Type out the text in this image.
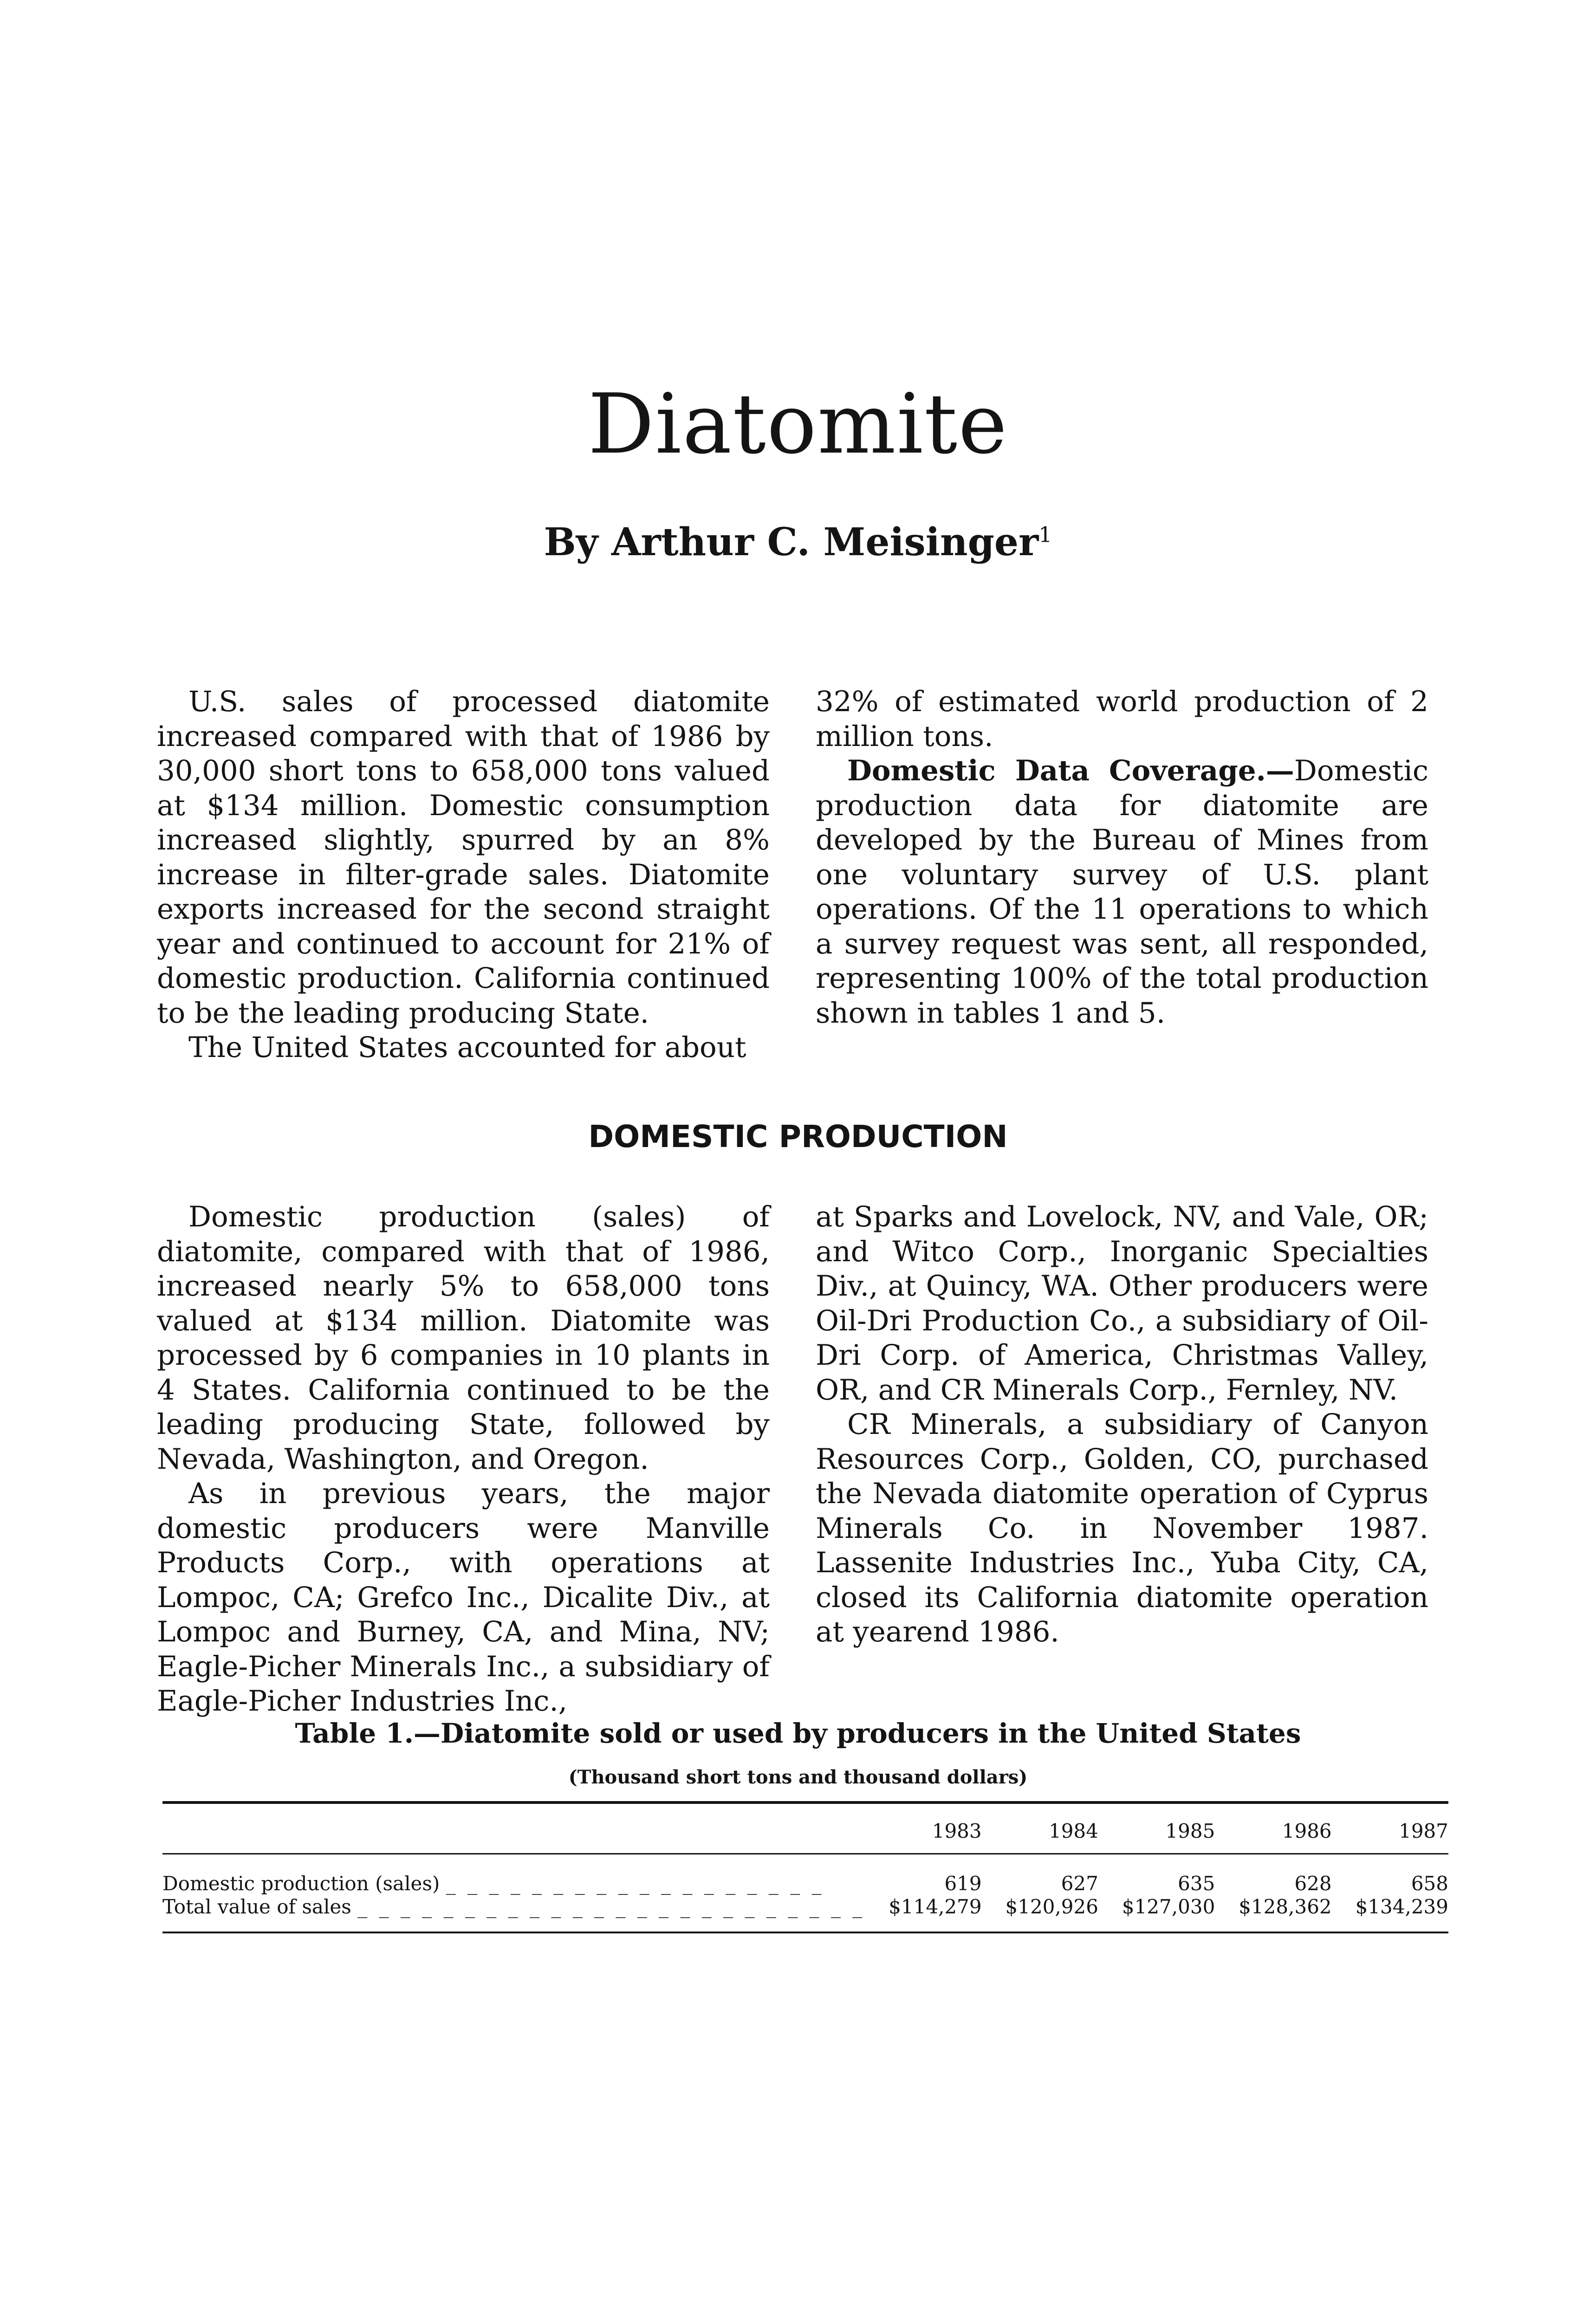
Diatomite
By Arthur C. Meisinger$^1$

U.S. sales of processed diatomite increased compared with that of 1986 by 30,000 short tons to 658,000 tons valued at $134 million. Domestic consumption increased slightly, spurred by an 8% increase in filter-grade sales. Diatomite exports increased for the second straight year and continued to account for 21% of domestic production. California continued to be the leading producing State.

The United States accounted for about

32% of estimated world production of 2 million tons.

Domestic Data Coverage.—Domestic production data for diatomite are developed by the Bureau of Mines from one voluntary survey of U.S. plant operations. Of the 11 operations to which a survey request was sent, all responded, representing 100% of the total production shown in tables 1 and 5.

DOMESTIC PRODUCTION

Domestic production (sales) of diatomite, compared with that of 1986, increased nearly 5% to 658,000 tons valued at $134 million. Diatomite was processed by 6 companies in 10 plants in 4 States. California continued to be the leading producing State, followed by Nevada, Washington, and Oregon.

As in previous years, the major domestic producers were Manville Products Corp., with operations at Lompoc, CA; Grefco Inc., Dicalite Div., at Lompoc and Burney, CA, and Mina, NV; Eagle-Picher Minerals Inc., a subsidiary of Eagle-Picher Industries Inc.,

at Sparks and Lovelock, NV, and Vale, OR; and Witco Corp., Inorganic Specialties Div., at Quincy, WA. Other producers were Oil-Dri Production Co., a subsidiary of Oil-Dri Corp. of America, Christmas Valley, OR, and CR Minerals Corp., Fernley, NV.

CR Minerals, a subsidiary of Canyon Resources Corp., Golden, CO, purchased the Nevada diatomite operation of Cyprus Minerals Co. in November 1987. Lassenite Industries Inc., Yuba City, CA, closed its California diatomite operation at yearend 1986.

Table 1.—Diatomite sold or used by producers in the United States
(Thousand short tons and thousand dollars)
	1983	1984	1985	1986	1987
Domestic production (sales) _ _ _ _ _ _ _ _ _ _ _ _ _ _ _ _ _ _	619	627	635	628	658
Total value of sales _ _ _ _ _ _ _ _ _ _ _ _ _ _ _ _ _ _ _ _ _ _ _ _	$114,279	$120,926	$127,030	$128,362	$134,239
